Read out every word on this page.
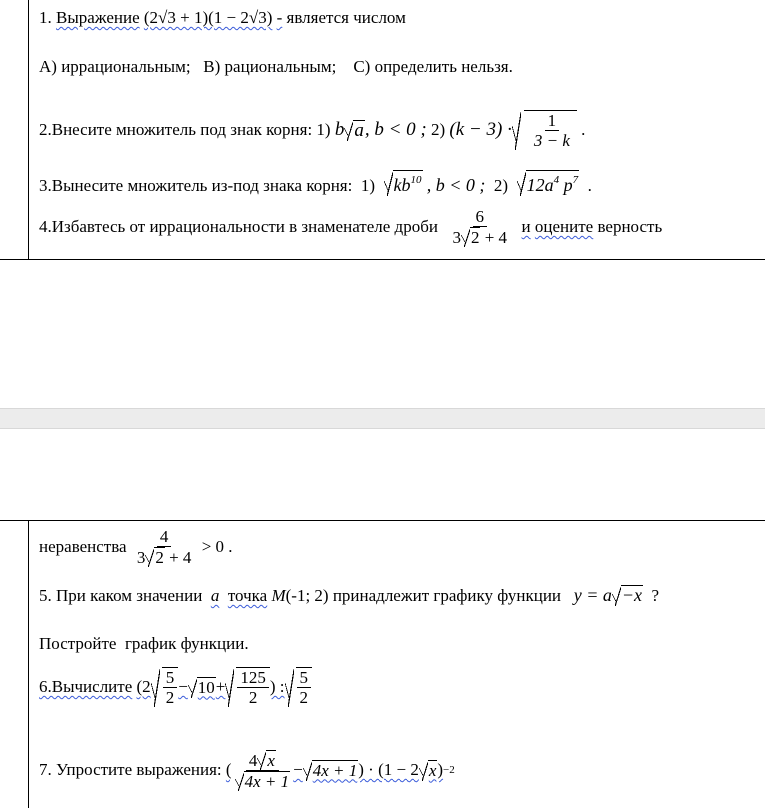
1. Выражение (2√3 + 1)(1 − 2√3) - является числом
А) иррациональным;   В) рациональным;    С) определить нельзя.
2.Внесите множитель под знак корня:
1)
b a , b < 0 ;
2)
$(k - 3) \cdot \frac{1}{3 - k}$
.
3.Вынесите множитель из-под знака корня: 1) $kb^{10}$ , b < 0 ; 2) $12a^4$ $p^7$ .
4.Избавтесь от иррациональности в знаменателе дроби
$\frac{6}{3 2 + 4}$
и
оцените
верность
неравенства
$\frac{4}{3 2 + 4}$
> 0 .
5. При каком значении a точка M(-1; 2) принадлежит графику функции y = a −x ?
Постройте  график функции.
6.Вычислите
($2 \frac{5}{2} - 10 + \frac{125}{2}$ ) : $\frac{5}{2}$
7. Упростите выражения:
( $\frac{4 x}{4x + 1} - 4x + 1$ ) · (1 − 2 x ) −2
